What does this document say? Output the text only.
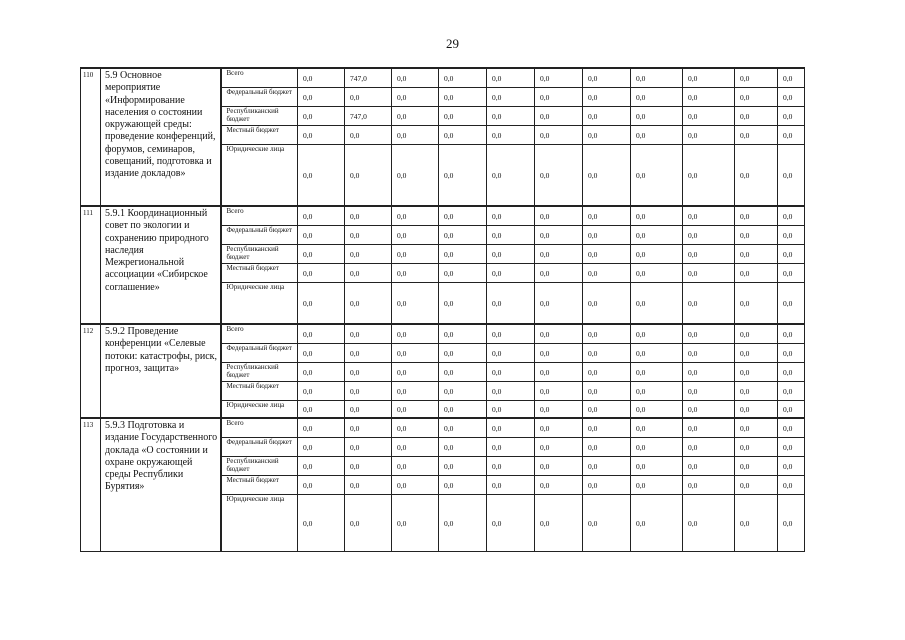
29
110	5.9 Основное мероприятие «Информирование населения о состоянии окружающей среды: проведение конференций, форумов, семинаров, совещаний, подготовка и издание докладов»	Всего	0,0	747,0	0,0	0,0	0,0	0,0	0,0	0,0	0,0	0,0	0,0	
		Федеральный бюджет	0,0	0,0	0,0	0,0	0,0	0,0	0,0	0,0	0,0	0,0	0,0	
		Республиканский бюджет	0,0	747,0	0,0	0,0	0,0	0,0	0,0	0,0	0,0	0,0	0,0	
		Местный бюджет	0,0	0,0	0,0	0,0	0,0	0,0	0,0	0,0	0,0	0,0	0,0	
		Юридические лица	0,0	0,0	0,0	0,0	0,0	0,0	0,0	0,0	0,0	0,0	0,0	
111	5.9.1 Координационный совет по экологии и сохранению природного наследия Межрегиональной ассоциации «Сибирское соглашение»	Всего	0,0	0,0	0,0	0,0	0,0	0,0	0,0	0,0	0,0	0,0	0,0	
		Федеральный бюджет	0,0	0,0	0,0	0,0	0,0	0,0	0,0	0,0	0,0	0,0	0,0	
		Республиканский бюджет	0,0	0,0	0,0	0,0	0,0	0,0	0,0	0,0	0,0	0,0	0,0	
		Местный бюджет	0,0	0,0	0,0	0,0	0,0	0,0	0,0	0,0	0,0	0,0	0,0	
		Юридические лица	0,0	0,0	0,0	0,0	0,0	0,0	0,0	0,0	0,0	0,0	0,0	
112	5.9.2 Проведение конференции «Селевые потоки: катастрофы, риск, прогноз, защита»	Всего	0,0	0,0	0,0	0,0	0,0	0,0	0,0	0,0	0,0	0,0	0,0	
		Федеральный бюджет	0,0	0,0	0,0	0,0	0,0	0,0	0,0	0,0	0,0	0,0	0,0	
		Республиканский бюджет	0,0	0,0	0,0	0,0	0,0	0,0	0,0	0,0	0,0	0,0	0,0	
		Местный бюджет	0,0	0,0	0,0	0,0	0,0	0,0	0,0	0,0	0,0	0,0	0,0	
		Юридические лица	0,0	0,0	0,0	0,0	0,0	0,0	0,0	0,0	0,0	0,0	0,0	
113	5.9.3 Подготовка и издание Государственного доклада «О состоянии и охране окружающей среды Республики Бурятия»	Всего	0,0	0,0	0,0	0,0	0,0	0,0	0,0	0,0	0,0	0,0	0,0	
		Федеральный бюджет	0,0	0,0	0,0	0,0	0,0	0,0	0,0	0,0	0,0	0,0	0,0	
		Республиканский бюджет	0,0	0,0	0,0	0,0	0,0	0,0	0,0	0,0	0,0	0,0	0,0	
		Местный бюджет	0,0	0,0	0,0	0,0	0,0	0,0	0,0	0,0	0,0	0,0	0,0	
		Юридические лица	0,0	0,0	0,0	0,0	0,0	0,0	0,0	0,0	0,0	0,0	0,0	
